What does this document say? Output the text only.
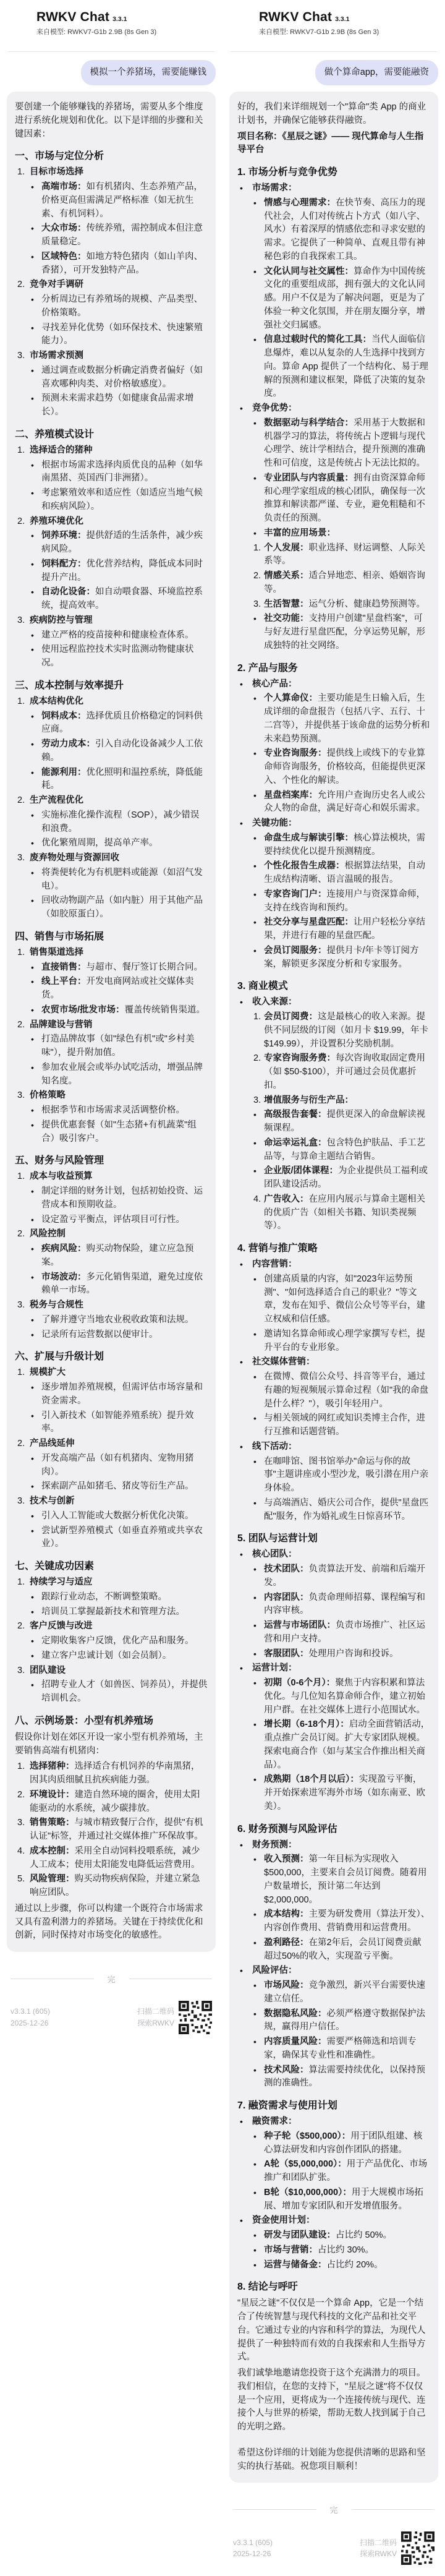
RWKV Chat 3.3.1
来自模型: RWKV7-G1b 2.9B (8s Gen 3)
模拟一个养猪场，需要能赚钱

要创建一个能够赚钱的养猪场，需要从多个维度进行系统化规划和优化。以下是详细的步骤和关键因素：

一、市场与定位分析
1. 目标市场选择
• 高端市场：如有机猪肉、生态养殖产品，价格更高但需满足严格标准（如无抗生素、有机饲料）。
• 大众市场：传统养殖，需控制成本但注意质量稳定。
• 区域特色：如地方特色猪肉（如山羊肉、香猪），可开发独特产品。
2. 竞争对手调研
• 分析周边已有养殖场的规模、产品类型、价格策略。
• 寻找差异化优势（如环保技术、快速繁殖能力）。
3. 市场需求预测
• 通过调查或数据分析确定消费者偏好（如喜欢哪种肉类、对价格敏感度）。
• 预测未来需求趋势（如健康食品需求增长）。
二、养殖模式设计
1. 选择适合的猪种
• 根据市场需求选择肉质优良的品种（如华南黑猪、英国西门非洲猪）。
• 考虑繁殖效率和适应性（如适应当地气候和疾病风险）。
2. 养殖环境优化
• 饲养环境：提供舒适的生活条件，减少疾病风险。
• 饲料配方：优化营养结构，降低成本同时提升产出。
• 自动化设备：如自动喂食器、环境监控系统，提高效率。
3. 疾病防控与管理
• 建立严格的疫苗接种和健康检查体系。
• 使用远程监控技术实时监测动物健康状况。
三、成本控制与效率提升
1. 成本结构优化
• 饲料成本：选择优质且价格稳定的饲料供应商。
• 劳动力成本：引入自动化设备减少人工依赖。
• 能源利用：优化照明和温控系统，降低能耗。
2. 生产流程优化
• 实施标准化操作流程（SOP），减少错误和浪费。
• 优化繁殖周期，提高单产率。
3. 废弃物处理与资源回收
• 将粪便转化为有机肥料或能源（如沼气发电）。
• 回收动物副产品（如内脏）用于其他产品（如胶原蛋白）。
四、销售与市场拓展
1. 销售渠道选择
• 直接销售：与超市、餐厅签订长期合同。
• 线上平台：开发电商网站或社交媒体卖货。
• 农贸市场/批发市场：覆盖传统销售渠道。
2. 品牌建设与营销
• 打造品牌故事（如"绿色有机"或"乡村美味"），提升附加值。
• 参加农业展会或举办试吃活动，增强品牌知名度。
3. 价格策略
• 根据季节和市场需求灵活调整价格。
• 提供优惠套餐（如"生态猪+有机蔬菜"组合）吸引客户。
五、财务与风险管理
1. 成本与收益预算
• 制定详细的财务计划，包括初始投资、运营成本和预期收益。
• 设定盈亏平衡点，评估项目可行性。
2. 风险控制
• 疾病风险：购买动物保险，建立应急预案。
• 市场波动：多元化销售渠道，避免过度依赖单一市场。
3. 税务与合规性
• 了解并遵守当地农业税收政策和法规。
• 记录所有运营数据以便审计。
六、扩展与升级计划
1. 规模扩大
• 逐步增加养殖规模，但需评估市场容量和资金需求。
• 引入新技术（如智能养殖系统）提升效率。
2. 产品线延伸
• 开发高端产品（如有机猪肉、宠物用猪肉）。
• 探索副产品如猪毛、猪皮等衍生产品。
3. 技术与创新
• 引入人工智能或大数据分析优化决策。
• 尝试新型养殖模式（如垂直养殖或共享农业）。
七、关键成功因素
1. 持续学习与适应
• 跟踪行业动态，不断调整策略。
• 培训员工掌握最新技术和管理方法。
2. 客户反馈与改进
• 定期收集客户反馈，优化产品和服务。
• 建立客户忠诚计划（如会员制）。
3. 团队建设
• 招聘专业人才（如兽医、饲养员），并提供培训机会。
八、示例场景：小型有机养殖场

假设你计划在郊区开设一家小型有机养殖场，主要销售高端有机猪肉：

1. 选择猪种：选择适合有机饲养的华南黑猪，因其肉质细腻且抗疾病能力强。
2. 环境设计：建造自然环境的圈舍，使用太阳能驱动的水系统，减少碳排放。
3. 销售策略：与城市精致餐厅合作，提供"有机认证"标签，并通过社交媒体推广环保故事。
4. 成本控制：采用全自动饲料投喂系统，减少人工成本；使用太阳能发电降低运营费用。
5. 风险管理：购买动物疾病保险，并建立紧急响应团队。

通过以上步骤，你可以构建一个既符合市场需求又具有盈利潜力的养猪场。关键在于持续优化和创新，同时保持对市场变化的敏感性。

完
v3.3.1 (605)
2025-12-26
扫描二维码
探索RWKV
RWKV Chat 3.3.1
来自模型: RWKV7-G1b 2.9B (8s Gen 3)
做个算命app，需要能融资

好的，我们来详细规划一个"算命"类 App 的商业计划书，并确保它能够获得融资。

项目名称：《星辰之谜》—— 现代算命与人生指导平台

1. 市场分析与竞争优势
•	市场需求：
• 情感与心理需求：在快节奏、高压力的现代社会，人们对传统占卜方式（如八字、风水）有着深厚的情感依恋和寻求安慰的需求。它提供了一种简单、直观且带有神秘色彩的自我探索工具。
• 文化认同与社交属性：算命作为中国传统文化的重要组成部，拥有强大的文化认同感。用户不仅是为了解决问题，更是为了体验一种文化氛围，并在朋友圈分享，增强社交归属感。
• 信息过载时代的简化工具：当代人面临信息爆炸，难以从复杂的人生选择中找到方向。算命 App 提供了一个结构化、易于理解的预测和建议框架，降低了决策的复杂度。
•	竞争优势：
• 数据驱动与科学结合：采用基于大数据和机器学习的算法，将传统占卜逻辑与现代心理学、统计学相结合，提升预测的准确性和可信度，这是传统占卜无法比拟的。
• 专业团队与内容质量：拥有由资深算命师和心理学家组成的核心团队，确保每一次推算和解读都严谨、专业，避免粗糙和不负责任的预测。
• 丰富的应用场景：
1. 个人发展：职业选择、财运调整、人际关系等。
2. 情感关系：适合异地恋、相亲、婚姻咨询等。
3. 生活智慧：运气分析、健康趋势预测等。
• 社交功能：支持用户创建"星盘档案"，可与好友进行星盘匹配，分享运势见解，形成独特的社交网络。
2. 产品与服务
•	核心产品：
• 个人算命仪：主要功能是生日输入后，生成详细的命盘报告（包括八字、五行、十二宫等），并提供基于该命盘的运势分析和未来趋势预测。
• 专业咨询服务：提供线上或线下的专业算命师咨询服务，价格较高，但能提供更深入、个性化的解读。
• 星盘档案库：允许用户查询历史名人或公众人物的命盘，满足好奇心和娱乐需求。
•	关键功能：
• 命盘生成与解读引擎：核心算法模块，需要持续优化以提升预测精度。
• 个性化报告生成器：根据算法结果，自动生成结构清晰、语言温暖的报告。
• 专家咨询门户：连接用户与资深算命师，支持在线咨询和预约。
• 社交分享与星盘匹配：让用户轻松分享结果，并进行有趣的星盘匹配。
• 会员订阅服务：提供月卡/年卡等订阅方案，解锁更多深度分析和专家服务。
3. 商业模式
•	收入来源：
1. 会员订阅费：这是最核心的收入来源。提供不同层级的订阅（如月卡 $19.99，年卡 $149.99），并设置积分奖励机制。
2. 专家咨询服务费：每次咨询收取固定费用（如 $50-$100），并可通过会员优惠折扣。
3. 增值服务与衍生产品：
• 高级报告套餐：提供更深入的命盘解读视频课程。
• 命运幸运礼盒：包含特色护肤品、手工艺品等，与算命主题结合销售。
• 企业版/团体课程：为企业提供员工福利或团队建设活动。
4. 广告收入：在应用内展示与算命主题相关的优质广告（如相关书籍、知识类视频等）。
4. 营销与推广策略
•	内容营销：
• 创建高质量的内容，如"2023年运势预测"、"如何选择适合自己的职业？"等文章，发布在知乎、微信公众号等平台，建立权威和信任感。
• 邀请知名算命师或心理学家撰写专栏，提升平台的专业形象。
•	社交媒体营销：
• 在微博、微信公众号、抖音等平台，通过有趣的短视频展示算命过程（如"我的命盘是什么样？"），吸引年轻用户。
• 与相关领域的网红或知识类博主合作，进行互推和话题营销。
•	线下活动：
• 在咖啡馆、图书馆举办"命运与你的故事"主题讲座或小型沙龙，吸引潜在用户亲身体验。
• 与高端酒店、婚庆公司合作，提供"星盘匹配"服务，作为婚礼或生日惊喜环节。
5. 团队与运营计划
•	核心团队：
• 技术团队：负责算法开发、前端和后端开发。
• 内容团队：负责命理师招募、课程编写和内容审核。
• 运营与市场团队：负责市场推广、社区运营和用户支持。
• 客服团队：处理用户咨询和投诉。
•	运营计划：
• 初期（0-6个月）：聚焦于内容积累和算法优化。与几位知名算命师合作，建立初始用户群。在社交媒体上进行小范围试水。
• 增长期（6-18个月）：启动全面营销活动，重点推广会员订阅。扩大专家团队规模。探索电商合作（如与某宝合作推出相关商品）。
• 成熟期（18个月以后）：实现盈亏平衡，并开始探索进军海外市场（如东南亚、欧美）。
6. 财务预测与风险评估
•	财务预测：
• 收入预测：第一年目标为实现收入 $500,000，主要来自会员订阅费。随着用户数量增长，预计第二年达到 $2,000,000。
• 成本结构：主要为研发费用（算法开发）、内容创作费用、营销费用和运营费用。
• 盈利路径：在第2年后，会员订阅费贡献超过50%的收入，实现盈亏平衡。
•	风险评估：
• 市场风险：竞争激烈，新兴平台需要快速建立信任。
• 数据隐私风险：必须严格遵守数据保护法规，赢得用户信任。
• 内容质量风险：需要严格筛选和培训专家，确保其专业性和准确性。
• 技术风险：算法需要持续优化，以保持预测的准确性。
7. 融资需求与使用计划
•	融资需求：
• 种子轮（$500,000）：用于团队组建、核心算法研发和内容创作团队的搭建。
• A轮（$5,000,000）：用于产品优化、市场推广和团队扩张。
• B轮（$10,000,000）：用于大规模市场拓展、增加专家团队和开发增值服务。
•	资金使用计划：
• 研发与团队建设：占比约 50%。
• 市场与营销：占比约 30%。
• 运营与储备金：占比约 20%。
8. 结论与呼吁

"星辰之谜"不仅仅是一个算命 App，它是一个结合了传统智慧与现代科技的文化产品和社交平台。它通过专业的内容和科学的算法，为现代人提供了一种独特而有效的自我探索和人生指导方式。

我们诚挚地邀请您投资于这个充满潜力的项目。我们相信，在您的支持下，"星辰之谜"将不仅仅是一个应用，更将成为一个连接传统与现代、连接个人与世界的桥梁，帮助无数人找到属于自己的光明之路。

希望这份详细的计划能为您提供清晰的思路和坚实的执行基础。祝您项目顺利！

完
v3.3.1 (605)
2025-12-26
扫描二维码
探索RWKV
